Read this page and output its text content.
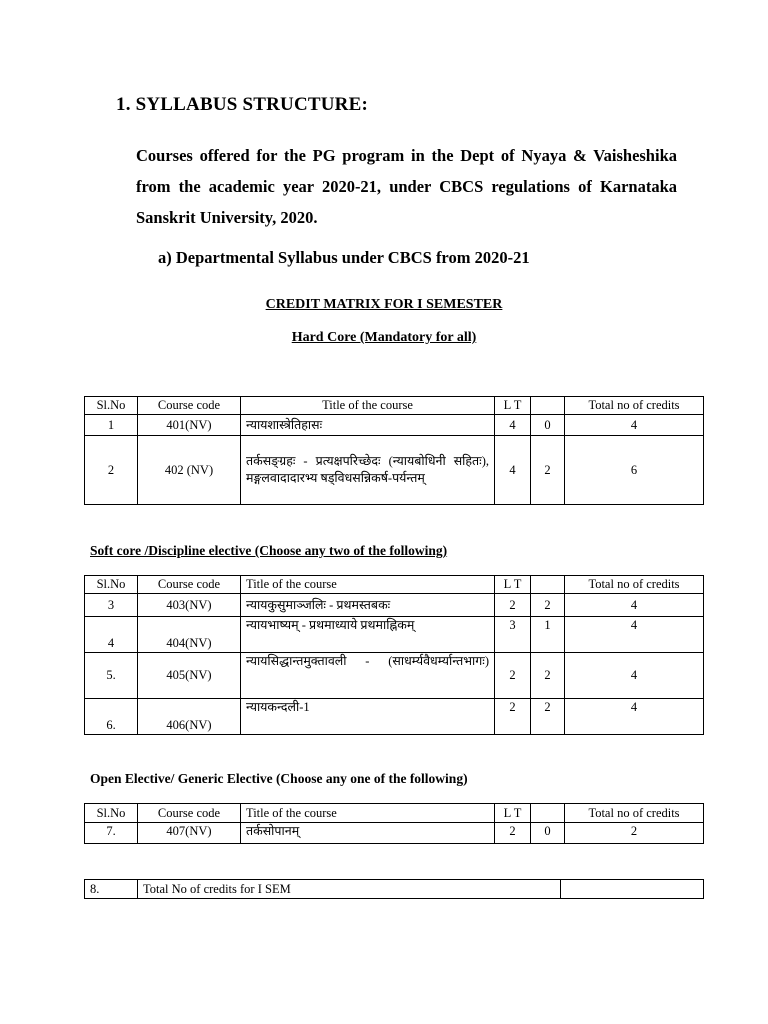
1. SYLLABUS STRUCTURE:
Courses offered for the PG program in the Dept of Nyaya & Vaisheshika from the academic year 2020-21, under CBCS regulations of Karnataka Sanskrit University, 2020.
a) Departmental Syllabus under CBCS from 2020-21
CREDIT MATRIX FOR I SEMESTER
Hard Core (Mandatory for all)
Sl.No	Course code	Title of the course	L T		Total no of credits
1	401(NV)	न्यायशास्त्रेतिहासः	4	0	4
2	402 (NV)	तर्कसङ्ग्रहः - प्रत्यक्षपरिच्छेदः (न्यायबोधिनी सहितः), मङ्गलवादादारभ्य षड्विधसन्निकर्ष-पर्यन्तम्	4	2	6
Soft core /Discipline elective (Choose any two of the following)
Sl.No	Course code	Title of the course	L T		Total no of credits
3	403(NV)	न्यायकुसुमाञ्जलिः - प्रथमस्तबकः	2	2	4
4	404(NV)	न्यायभाष्यम् - प्रथमाध्याये प्रथमाह्निकम्	3	1	4
5.	405(NV)	न्यायसिद्धान्तमुक्तावली - (साधर्म्यवैधर्म्यान्तभागः)	2	2	4
6.	406(NV)	न्यायकन्दली-1	2	2	4
Open Elective/ Generic Elective (Choose any one of the following)
Sl.No	Course code	Title of the course	L T		Total no of credits
7.	407(NV)	तर्कसोपानम्	2	0	2
8.	Total No of credits for I SEM	
